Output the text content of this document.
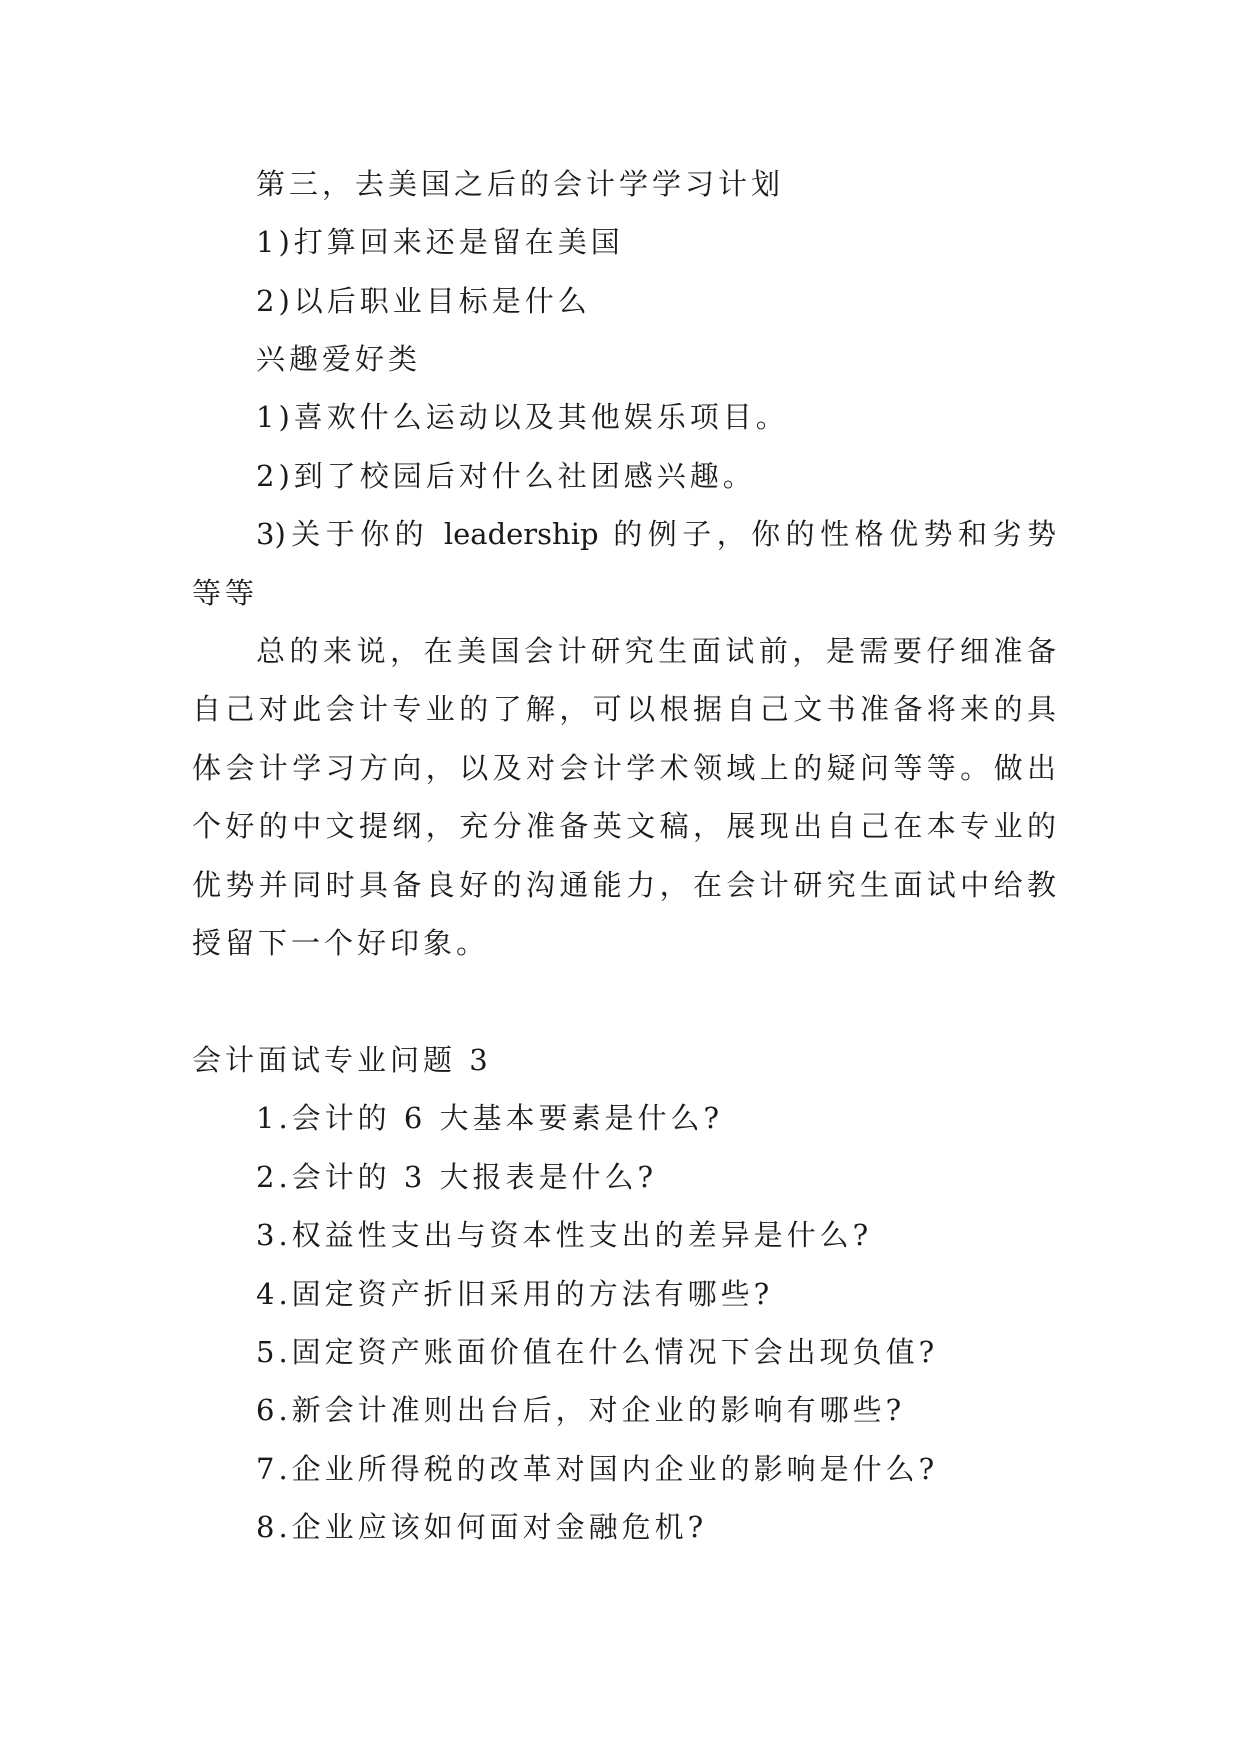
第三，去美国之后的会计学学习计划
1)打算回来还是留在美国
2)以后职业目标是什么
兴趣爱好类
1)喜欢什么运动以及其他娱乐项目。
2)到了校园后对什么社团感兴趣。
3)关于你的 leadership 的例子，你的性格优势和劣势
等等
总的来说，在美国会计研究生面试前，是需要仔细准备
自己对此会计专业的了解，可以根据自己文书准备将来的具
体会计学习方向，以及对会计学术领域上的疑问等等。做出
个好的中文提纲，充分准备英文稿，展现出自己在本专业的
优势并同时具备良好的沟通能力，在会计研究生面试中给教
授留下一个好印象。
会计面试专业问题 3
1.会计的 6 大基本要素是什么?
2.会计的 3 大报表是什么?
3.权益性支出与资本性支出的差异是什么?
4.固定资产折旧采用的方法有哪些?
5.固定资产账面价值在什么情况下会出现负值?
6.新会计准则出台后，对企业的影响有哪些?
7.企业所得税的改革对国内企业的影响是什么?
8.企业应该如何面对金融危机?
